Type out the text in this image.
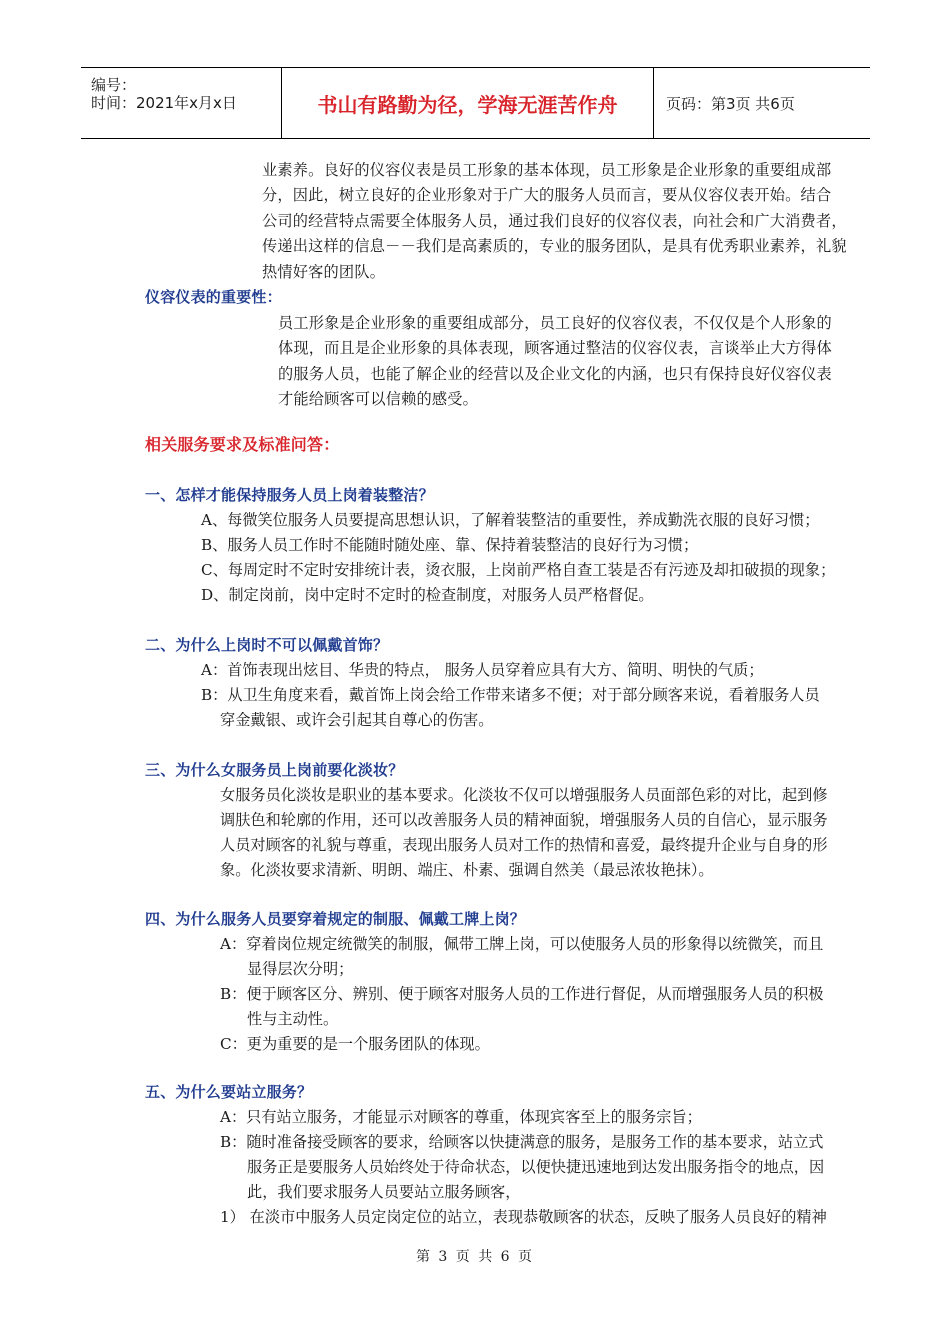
编号：
时间：2021年x月x日	书山有路勤为径，学海无涯苦作舟	页码：第3页 共6页
业素养。良好的仪容仪表是员工形象的基本体现，员工形象是企业形象的重要组成部
分，因此，树立良好的企业形象对于广大的服务人员而言，要从仪容仪表开始。结合
公司的经营特点需要全体服务人员，通过我们良好的仪容仪表，向社会和广大消费者，
传递出这样的信息－－我们是高素质的，专业的服务团队，是具有优秀职业素养，礼貌
热情好客的团队。
仪容仪表的重要性：
员工形象是企业形象的重要组成部分，员工良好的仪容仪表，不仅仅是个人形象的
体现，而且是企业形象的具体表现，顾客通过整洁的仪容仪表，言谈举止大方得体
的服务人员，也能了解企业的经营以及企业文化的内涵，也只有保持良好仪容仪表
才能给顾客可以信赖的感受。
相关服务要求及标准问答：
一、怎样才能保持服务人员上岗着装整洁？
A、每微笑位服务人员要提高思想认识，了解着装整洁的重要性，养成勤洗衣服的良好习惯；
B、服务人员工作时不能随时随处座、靠、保持着装整洁的良好行为习惯；
C、每周定时不定时安排统计表，烫衣服，上岗前严格自查工装是否有污迹及却扣破损的现象；
D、制定岗前，岗中定时不定时的检查制度，对服务人员严格督促。
二、为什么上岗时不可以佩戴首饰？
A：首饰表现出炫目、华贵的特点， 服务人员穿着应具有大方、简明、明快的气质；
B：从卫生角度来看，戴首饰上岗会给工作带来诸多不便；对于部分顾客来说，看着服务人员
穿金戴银、或许会引起其自尊心的伤害。
三、为什么女服务员上岗前要化淡妆？
女服务员化淡妆是职业的基本要求。化淡妆不仅可以增强服务人员面部色彩的对比，起到修
调肤色和轮廓的作用，还可以改善服务人员的精神面貌，增强服务人员的自信心，显示服务
人员对顾客的礼貌与尊重，表现出服务人员对工作的热情和喜爱，最终提升企业与自身的形
象。化淡妆要求清新、明朗、端庄、朴素、强调自然美（最忌浓妆艳抹）。
四、为什么服务人员要穿着规定的制服、佩戴工牌上岗？
A：穿着岗位规定统微笑的制服，佩带工牌上岗，可以使服务人员的形象得以统微笑，而且
显得层次分明；
B：便于顾客区分、辨别、便于顾客对服务人员的工作进行督促，从而增强服务人员的积极
性与主动性。
C：更为重要的是一个服务团队的体现。
五、为什么要站立服务？
A：只有站立服务，才能显示对顾客的尊重，体现宾客至上的服务宗旨；
B：随时准备接受顾客的要求，给顾客以快捷满意的服务，是服务工作的基本要求，站立式
服务正是要服务人员始终处于待命状态，以便快捷迅速地到达发出服务指令的地点，因
此，我们要求服务人员要站立服务顾客，
1） 在淡市中服务人员定岗定位的站立，表现恭敬顾客的状态，反映了服务人员良好的精神
第 3 页 共 6 页
